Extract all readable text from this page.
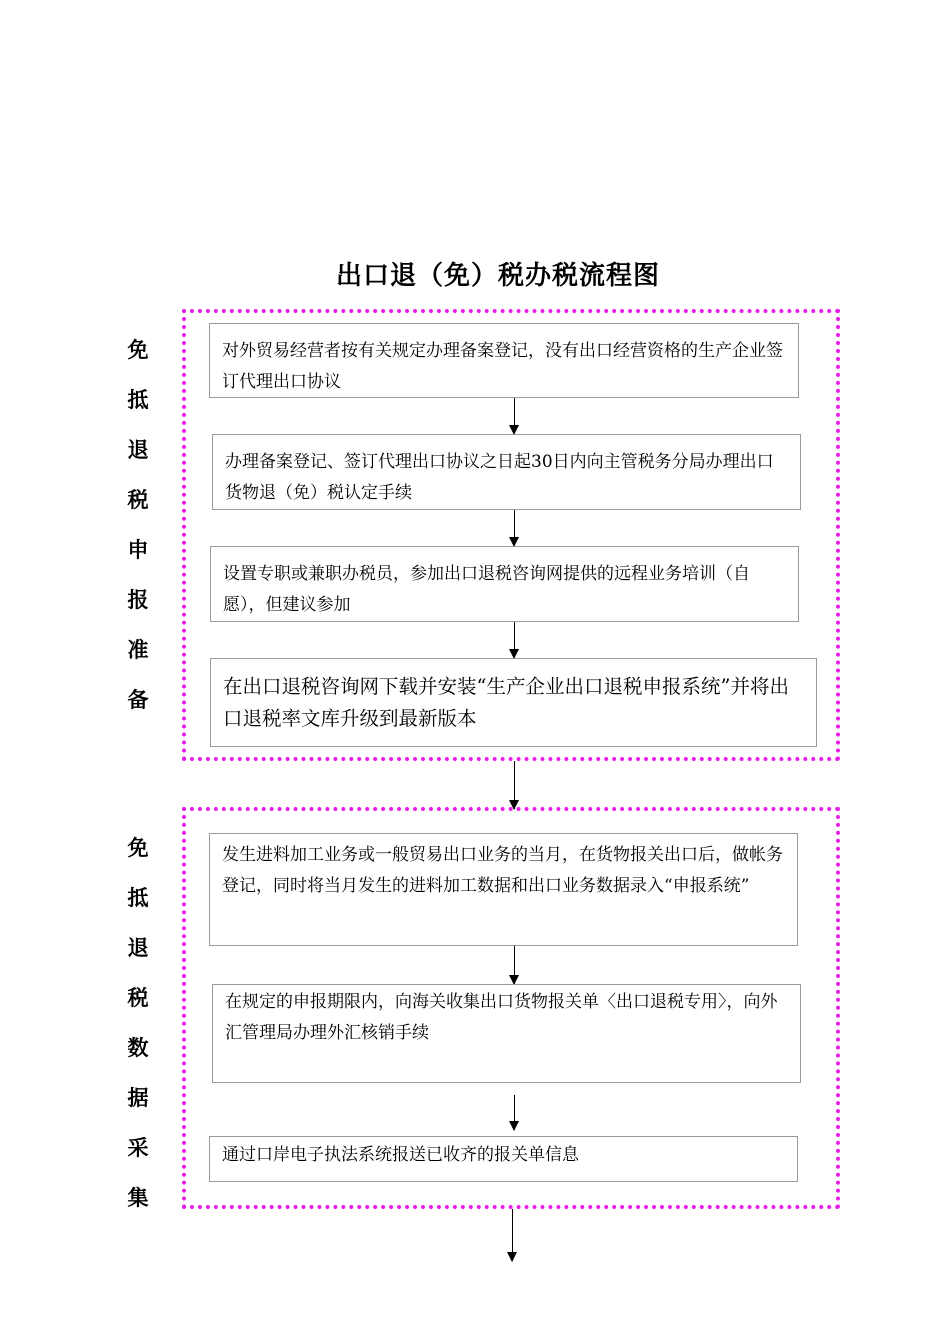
出口退（免）税办税流程图
免
抵
退
税
申
报
准
备
对外贸易经营者按有关规定办理备案登记，没有出口经营资格的生产企业签订代理出口协议
办理备案登记、签订代理出口协议之日起30日内向主管税务分局办理出口货物退（免）税认定手续
设置专职或兼职办税员，参加出口退税咨询网提供的远程业务培训（自愿），但建议参加
在出口退税咨询网下载并安装“生产企业出口退税申报系统”并将出口退税率文库升级到最新版本
免
抵
退
税
数
据
采
集
发生进料加工业务或一般贸易出口业务的当月，在货物报关出口后，做帐务登记，同时将当月发生的进料加工数据和出口业务数据录入“申报系统”
在规定的申报期限内，向海关收集出口货物报关单〈出口退税专用〉，向外汇管理局办理外汇核销手续
通过口岸电子执法系统报送已收齐的报关单信息
